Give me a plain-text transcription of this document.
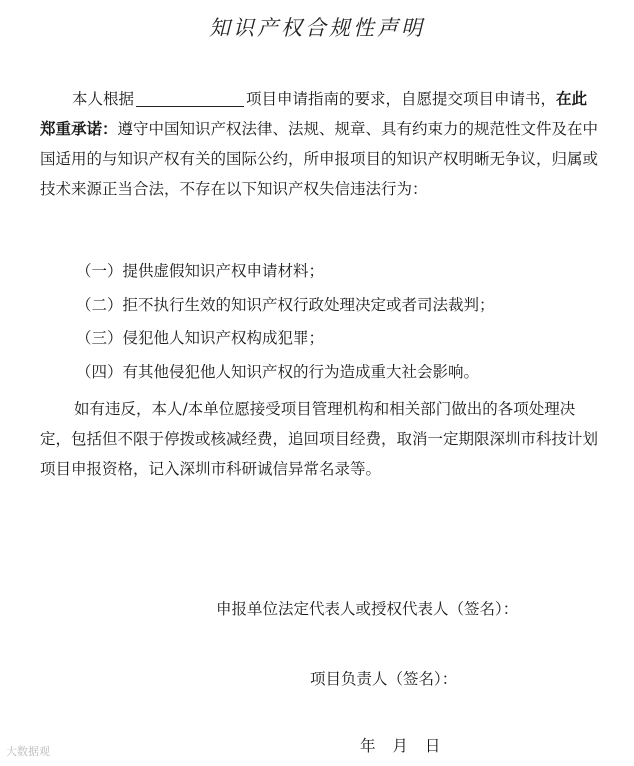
知识产权合规性声明

本人根据	项目申请指南的要求，自愿提交项目申请书，在此郑重承诺：遵守中国知识产权法律、法规、规章、具有约束力的规范性文件及在中国适用的与知识产权有关的国际公约，所申报项目的知识产权明晰无争议，归属或技术来源正当合法，不存在以下知识产权失信违法行为：

（一）提供虚假知识产权申请材料；
（二）拒不执行生效的知识产权行政处理决定或者司法裁判；
（三）侵犯他人知识产权构成犯罪；
（四）有其他侵犯他人知识产权的行为造成重大社会影响。

如有违反，本人/本单位愿接受项目管理机构和相关部门做出的各项处理决定，包括但不限于停拨或核减经费，追回项目经费，取消一定期限深圳市科技计划项目申报资格，记入深圳市科研诚信异常名录等。

申报单位法定代表人或授权代表人（签名）：
项目负责人（签名）：
年 月 日
大数据观
